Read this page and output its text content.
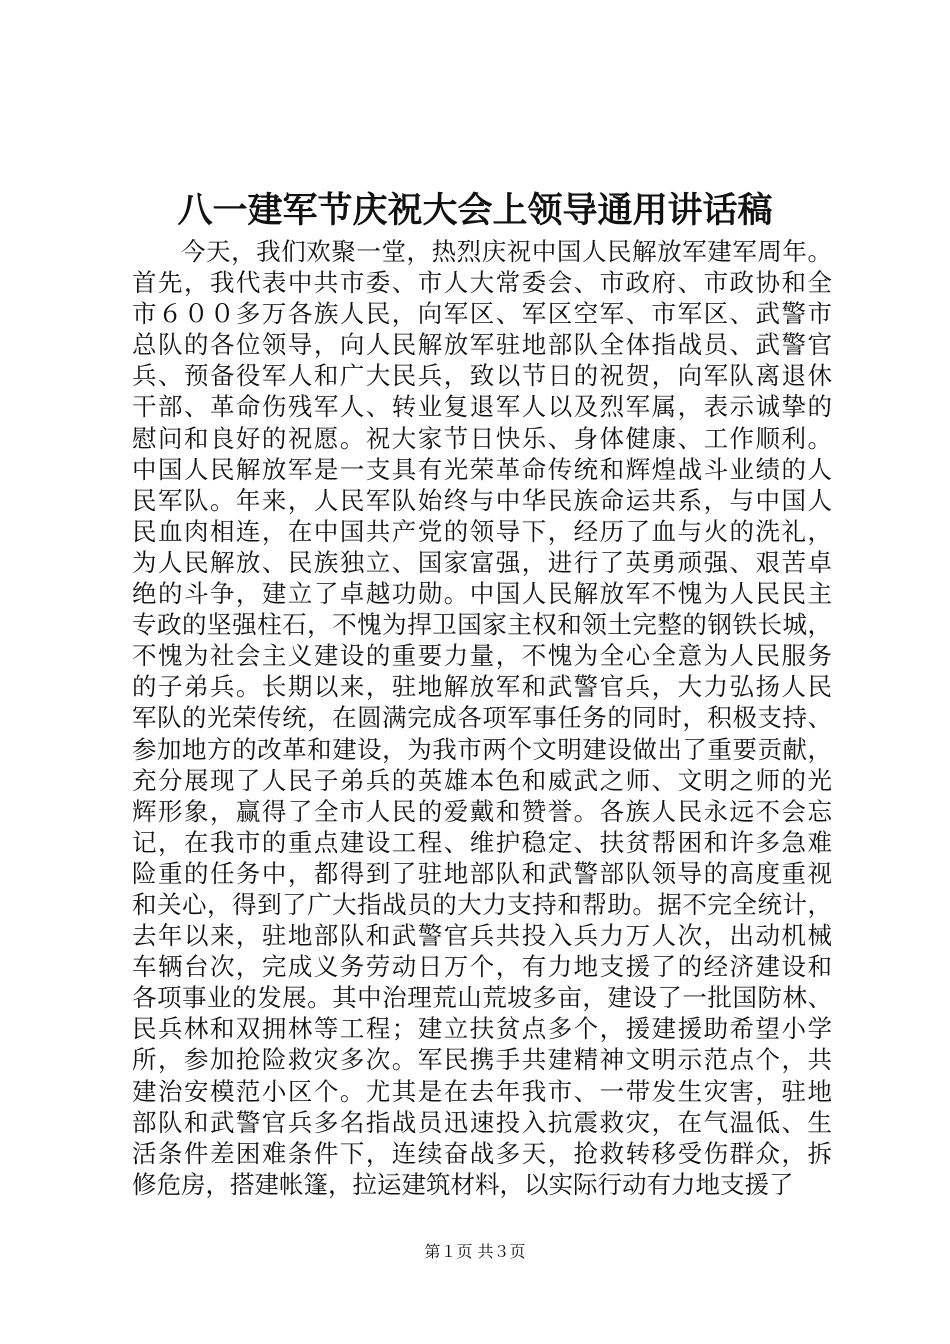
八一建军节庆祝大会上领导通用讲话稿
今天，我们欢聚一堂，热烈庆祝中国人民解放军建军周年。
首先，我代表中共市委、市人大常委会、市政府、市政协和全
市６００多万各族人民，向军区、军区空军、市军区、武警市
总队的各位领导，向人民解放军驻地部队全体指战员、武警官
兵、预备役军人和广大民兵，致以节日的祝贺，向军队离退休
干部、革命伤残军人、转业复退军人以及烈军属，表示诚挚的
慰问和良好的祝愿。祝大家节日快乐、身体健康、工作顺利。
中国人民解放军是一支具有光荣革命传统和辉煌战斗业绩的人
民军队。年来，人民军队始终与中华民族命运共系，与中国人
民血肉相连，在中国共产党的领导下，经历了血与火的洗礼，
为人民解放、民族独立、国家富强，进行了英勇顽强、艰苦卓
绝的斗争，建立了卓越功勋。中国人民解放军不愧为人民民主
专政的坚强柱石，不愧为捍卫国家主权和领土完整的钢铁长城，
不愧为社会主义建设的重要力量，不愧为全心全意为人民服务
的子弟兵。长期以来，驻地解放军和武警官兵，大力弘扬人民
军队的光荣传统，在圆满完成各项军事任务的同时，积极支持、
参加地方的改革和建设，为我市两个文明建设做出了重要贡献，
充分展现了人民子弟兵的英雄本色和威武之师、文明之师的光
辉形象，赢得了全市人民的爱戴和赞誉。各族人民永远不会忘
记，在我市的重点建设工程、维护稳定、扶贫帮困和许多急难
险重的任务中，都得到了驻地部队和武警部队领导的高度重视
和关心，得到了广大指战员的大力支持和帮助。据不完全统计，
去年以来，驻地部队和武警官兵共投入兵力万人次，出动机械
车辆台次，完成义务劳动日万个，有力地支援了的经济建设和
各项事业的发展。其中治理荒山荒坡多亩，建设了一批国防林、
民兵林和双拥林等工程；建立扶贫点多个，援建援助希望小学
所，参加抢险救灾多次。军民携手共建精神文明示范点个，共
建治安模范小区个。尤其是在去年我市、一带发生灾害，驻地
部队和武警官兵多名指战员迅速投入抗震救灾，在气温低、生
活条件差困难条件下，连续奋战多天，抢救转移受伤群众，拆
修危房，搭建帐篷，拉运建筑材料，以实际行动有力地支援了
第１页 共３页
